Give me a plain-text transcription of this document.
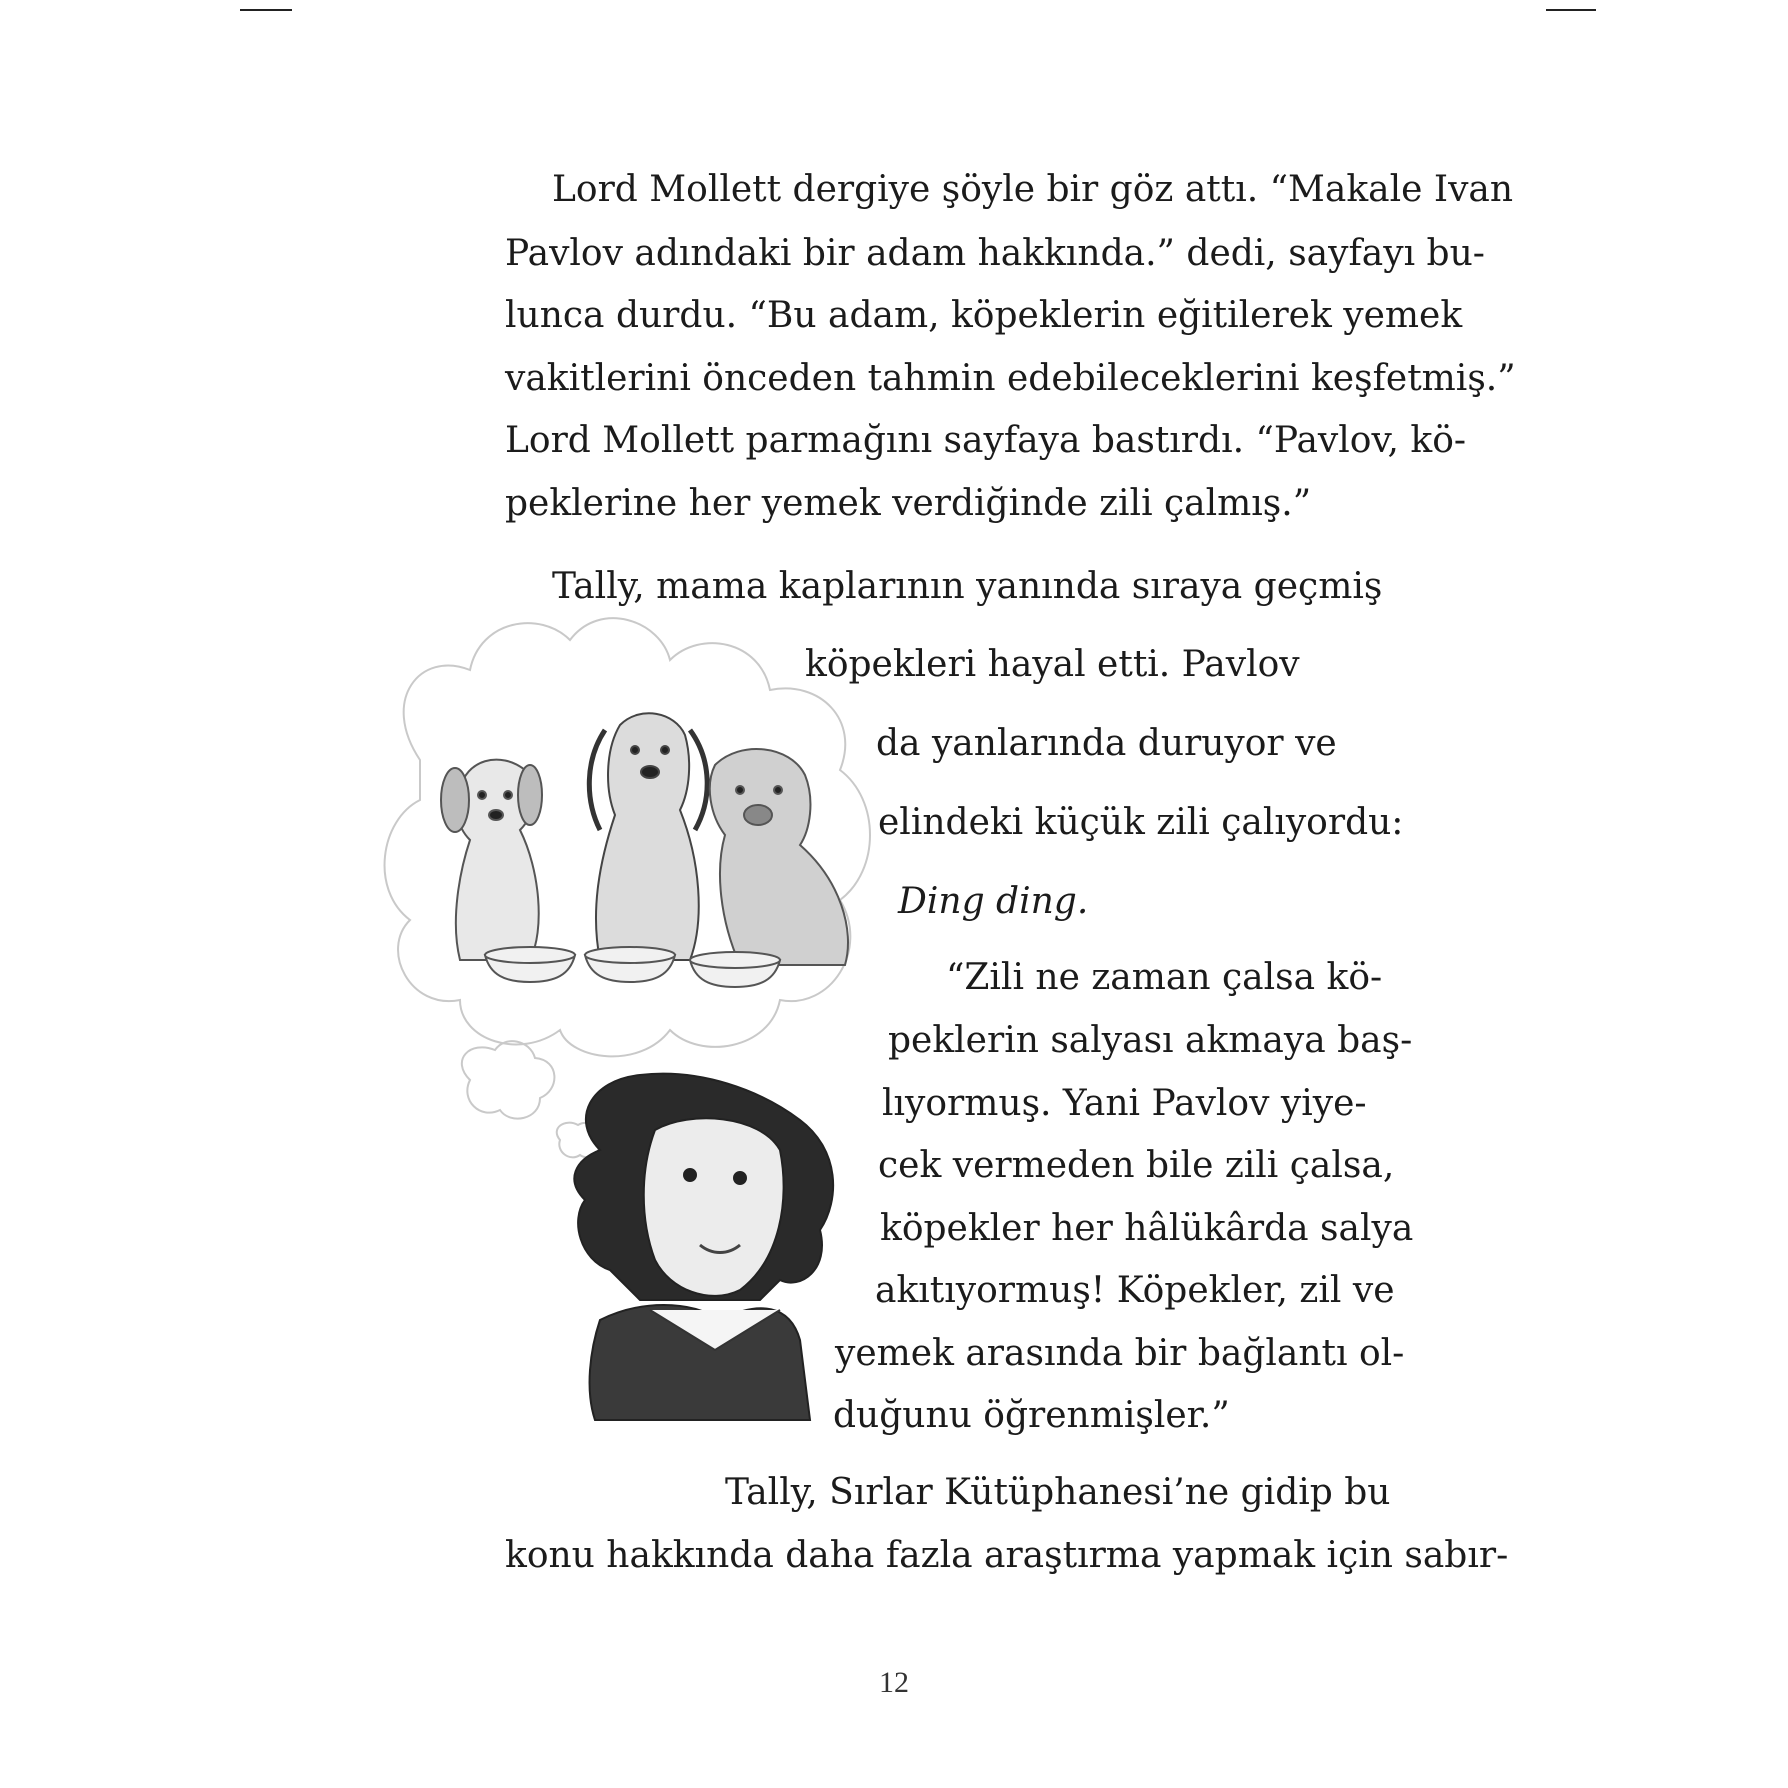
Lord Mollett dergiye şöyle bir göz attı. “Makale Ivan

Pavlov adındaki bir adam hakkında.” dedi, sayfayı bu-

lunca durdu. “Bu adam, köpeklerin eğitilerek yemek

vakitlerini önceden tahmin edebileceklerini keşfetmiş.”

Lord Mollett parmağını sayfaya bastırdı. “Pavlov, kö-

peklerine her yemek verdiğinde zili çalmış.”

Tally, mama kaplarının yanında sıraya geçmiş

köpekleri hayal etti. Pavlov

da yanlarında duruyor ve

elindeki küçük zili çalıyordu:

Ding ding.

“Zili ne zaman çalsa kö-

peklerin salyası akmaya baş-

lıyormuş. Yani Pavlov yiye-

cek vermeden bile zili çalsa,

köpekler her hâlükârda salya

akıtıyormuş! Köpekler, zil ve

yemek arasında bir bağlantı ol-

duğunu öğrenmişler.”

Tally, Sırlar Kütüphanesi’ne gidip bu

konu hakkında daha fazla araştırma yapmak için sabır-

12
